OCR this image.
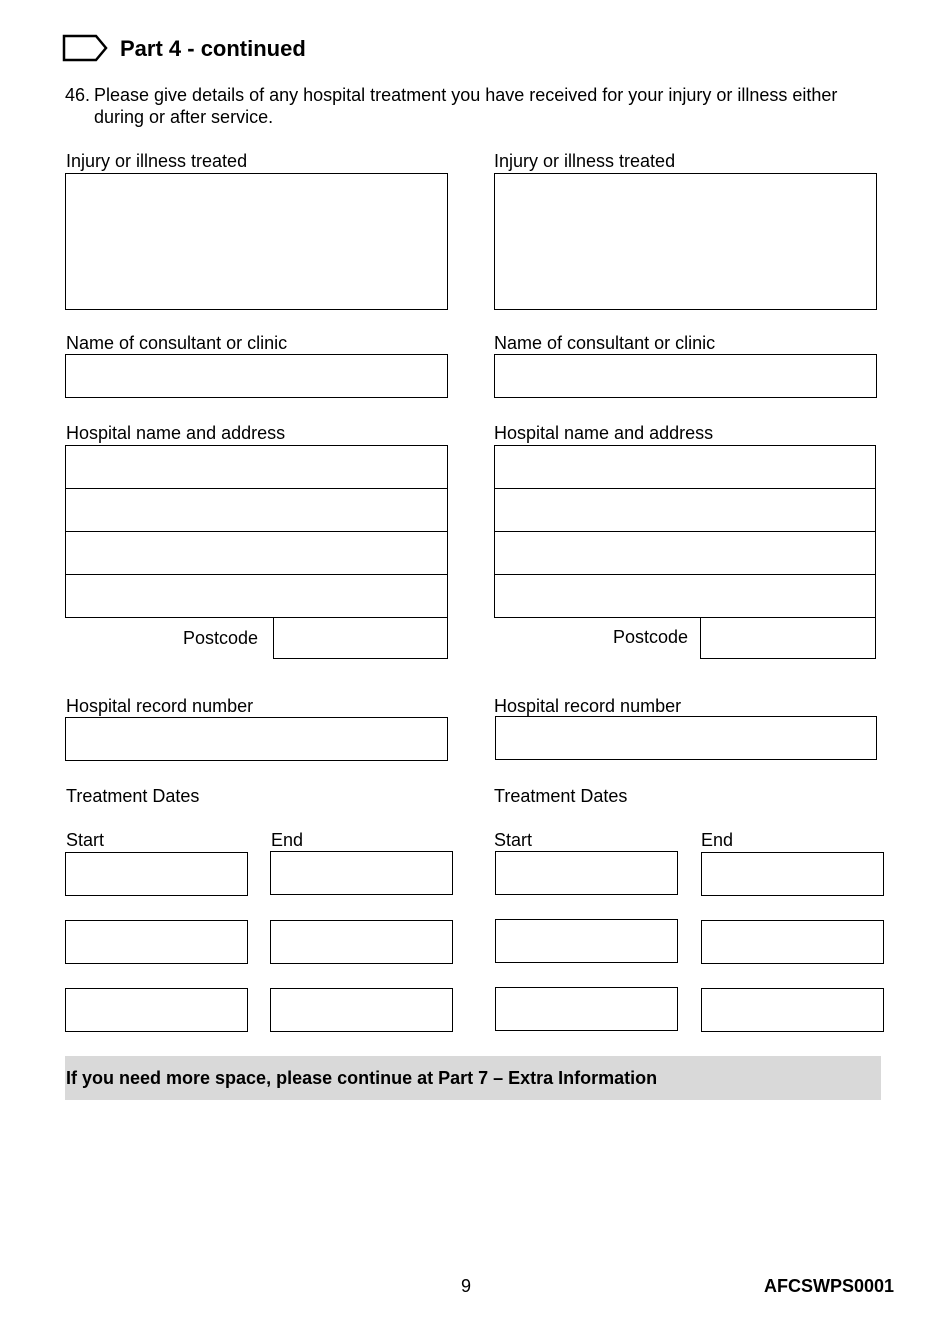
Part 4 - continued
46. Please give details of any hospital treatment you have received for your injury or illness either during or after service.
Injury or illness treated
Name of consultant or clinic
Hospital name and address
Postcode
Hospital record number
Treatment Dates
Start	End
Injury or illness treated
Name of consultant or clinic
Hospital name and address
Postcode
Hospital record number
Treatment Dates
Start	End
If you need more space, please continue at Part 7 – Extra Information
9	AFCSWPS0001
